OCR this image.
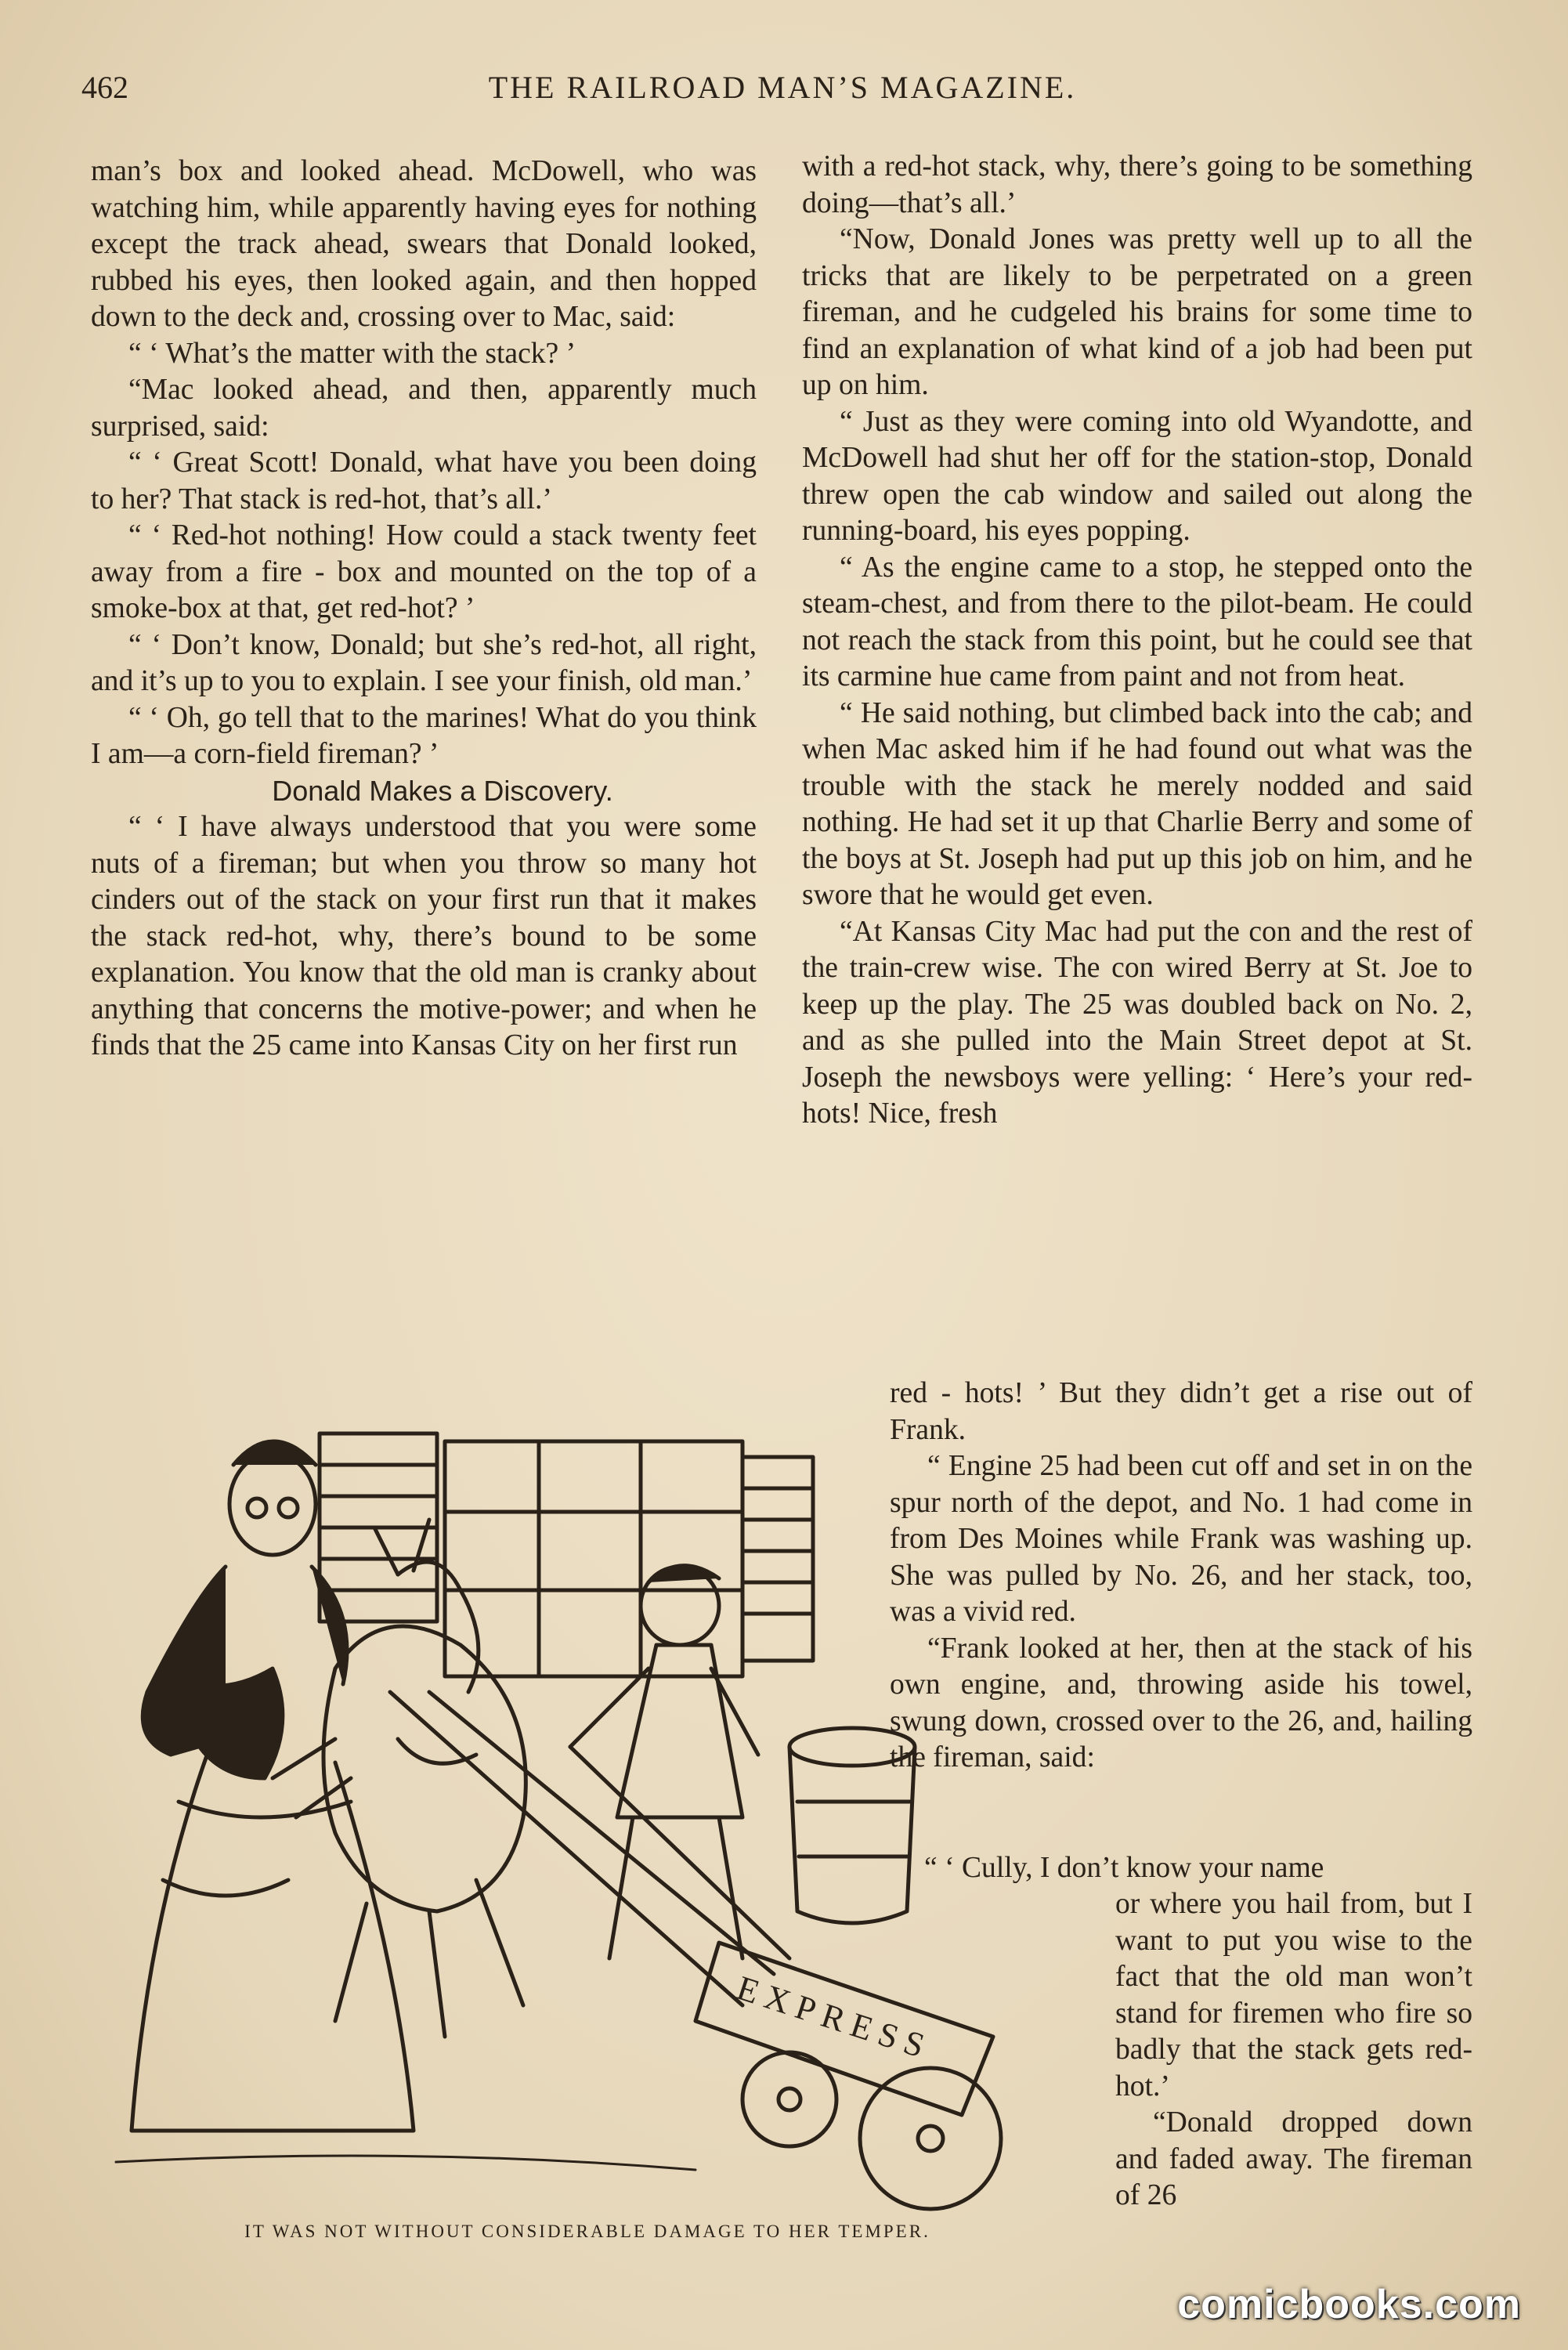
462	THE RAILROAD MAN’S MAGAZINE.

man’s box and looked ahead. McDowell, who was watching him, while apparently having eyes for nothing except the track ahead, swears that Donald looked, rubbed his eyes, then looked again, and then hopped down to the deck and, crossing over to Mac, said:

“ ‘ What’s the matter with the stack? ’

“Mac looked ahead, and then, apparently much surprised, said:

“ ‘ Great Scott! Donald, what have you been doing to her? That stack is red-hot, that’s all.’

“ ‘ Red-hot nothing! How could a stack twenty feet away from a fire - box and mounted on the top of a smoke-box at that, get red-hot? ’

“ ‘ Don’t know, Donald; but she’s red-hot, all right, and it’s up to you to explain. I see your finish, old man.’

“ ‘ Oh, go tell that to the marines! What do you think I am—a corn-field fireman? ’

Donald Makes a Discovery.

“ ‘ I have always understood that you were some nuts of a fireman; but when you throw so many hot cinders out of the stack on your first run that it makes the stack red-hot, why, there’s bound to be some explanation. You know that the old man is cranky about anything that concerns the motive-power; and when he finds that the 25 came into Kansas City on her first run

with a red-hot stack, why, there’s going to be something doing—that’s all.’

“Now, Donald Jones was pretty well up to all the tricks that are likely to be perpetrated on a green fireman, and he cudgeled his brains for some time to find an explanation of what kind of a job had been put up on him.

“ Just as they were coming into old Wyandotte, and McDowell had shut her off for the station-stop, Donald threw open the cab window and sailed out along the running-board, his eyes popping.

“ As the engine came to a stop, he stepped onto the steam-chest, and from there to the pilot-beam. He could not reach the stack from this point, but he could see that its carmine hue came from paint and not from heat.

“ He said nothing, but climbed back into the cab; and when Mac asked him if he had found out what was the trouble with the stack he merely nodded and said nothing. He had set it up that Charlie Berry and some of the boys at St. Joseph had put up this job on him, and he swore that he would get even.

“At Kansas City Mac had put the con and the rest of the train-crew wise. The con wired Berry at St. Joe to keep up the play. The 25 was doubled back on No. 2, and as she pulled into the Main Street depot at St. Joseph the newsboys were yelling: ‘ Here’s your red-hots! Nice, fresh

red - hots! ’ But they didn’t get a rise out of Frank.

“ Engine 25 had been cut off and set in on the spur north of the depot, and No. 1 had come in from Des Moines while Frank was washing up. She was pulled by No. 26, and her stack, too, was a vivid red.

“Frank looked at her, then at the stack of his own engine, and, throwing aside his towel, swung down, crossed over to the 26, and, hailing the fireman, said:

“ ‘ Cully, I don’t know your name

or where you hail from, but I want to put you wise to the fact that the old man won’t stand for firemen who fire so badly that the stack gets red-hot.’

“Donald dropped down and faded away. The fireman of 26

EXPRESS
IT WAS NOT WITHOUT CONSIDERABLE DAMAGE TO HER TEMPER.
comicbooks.com
